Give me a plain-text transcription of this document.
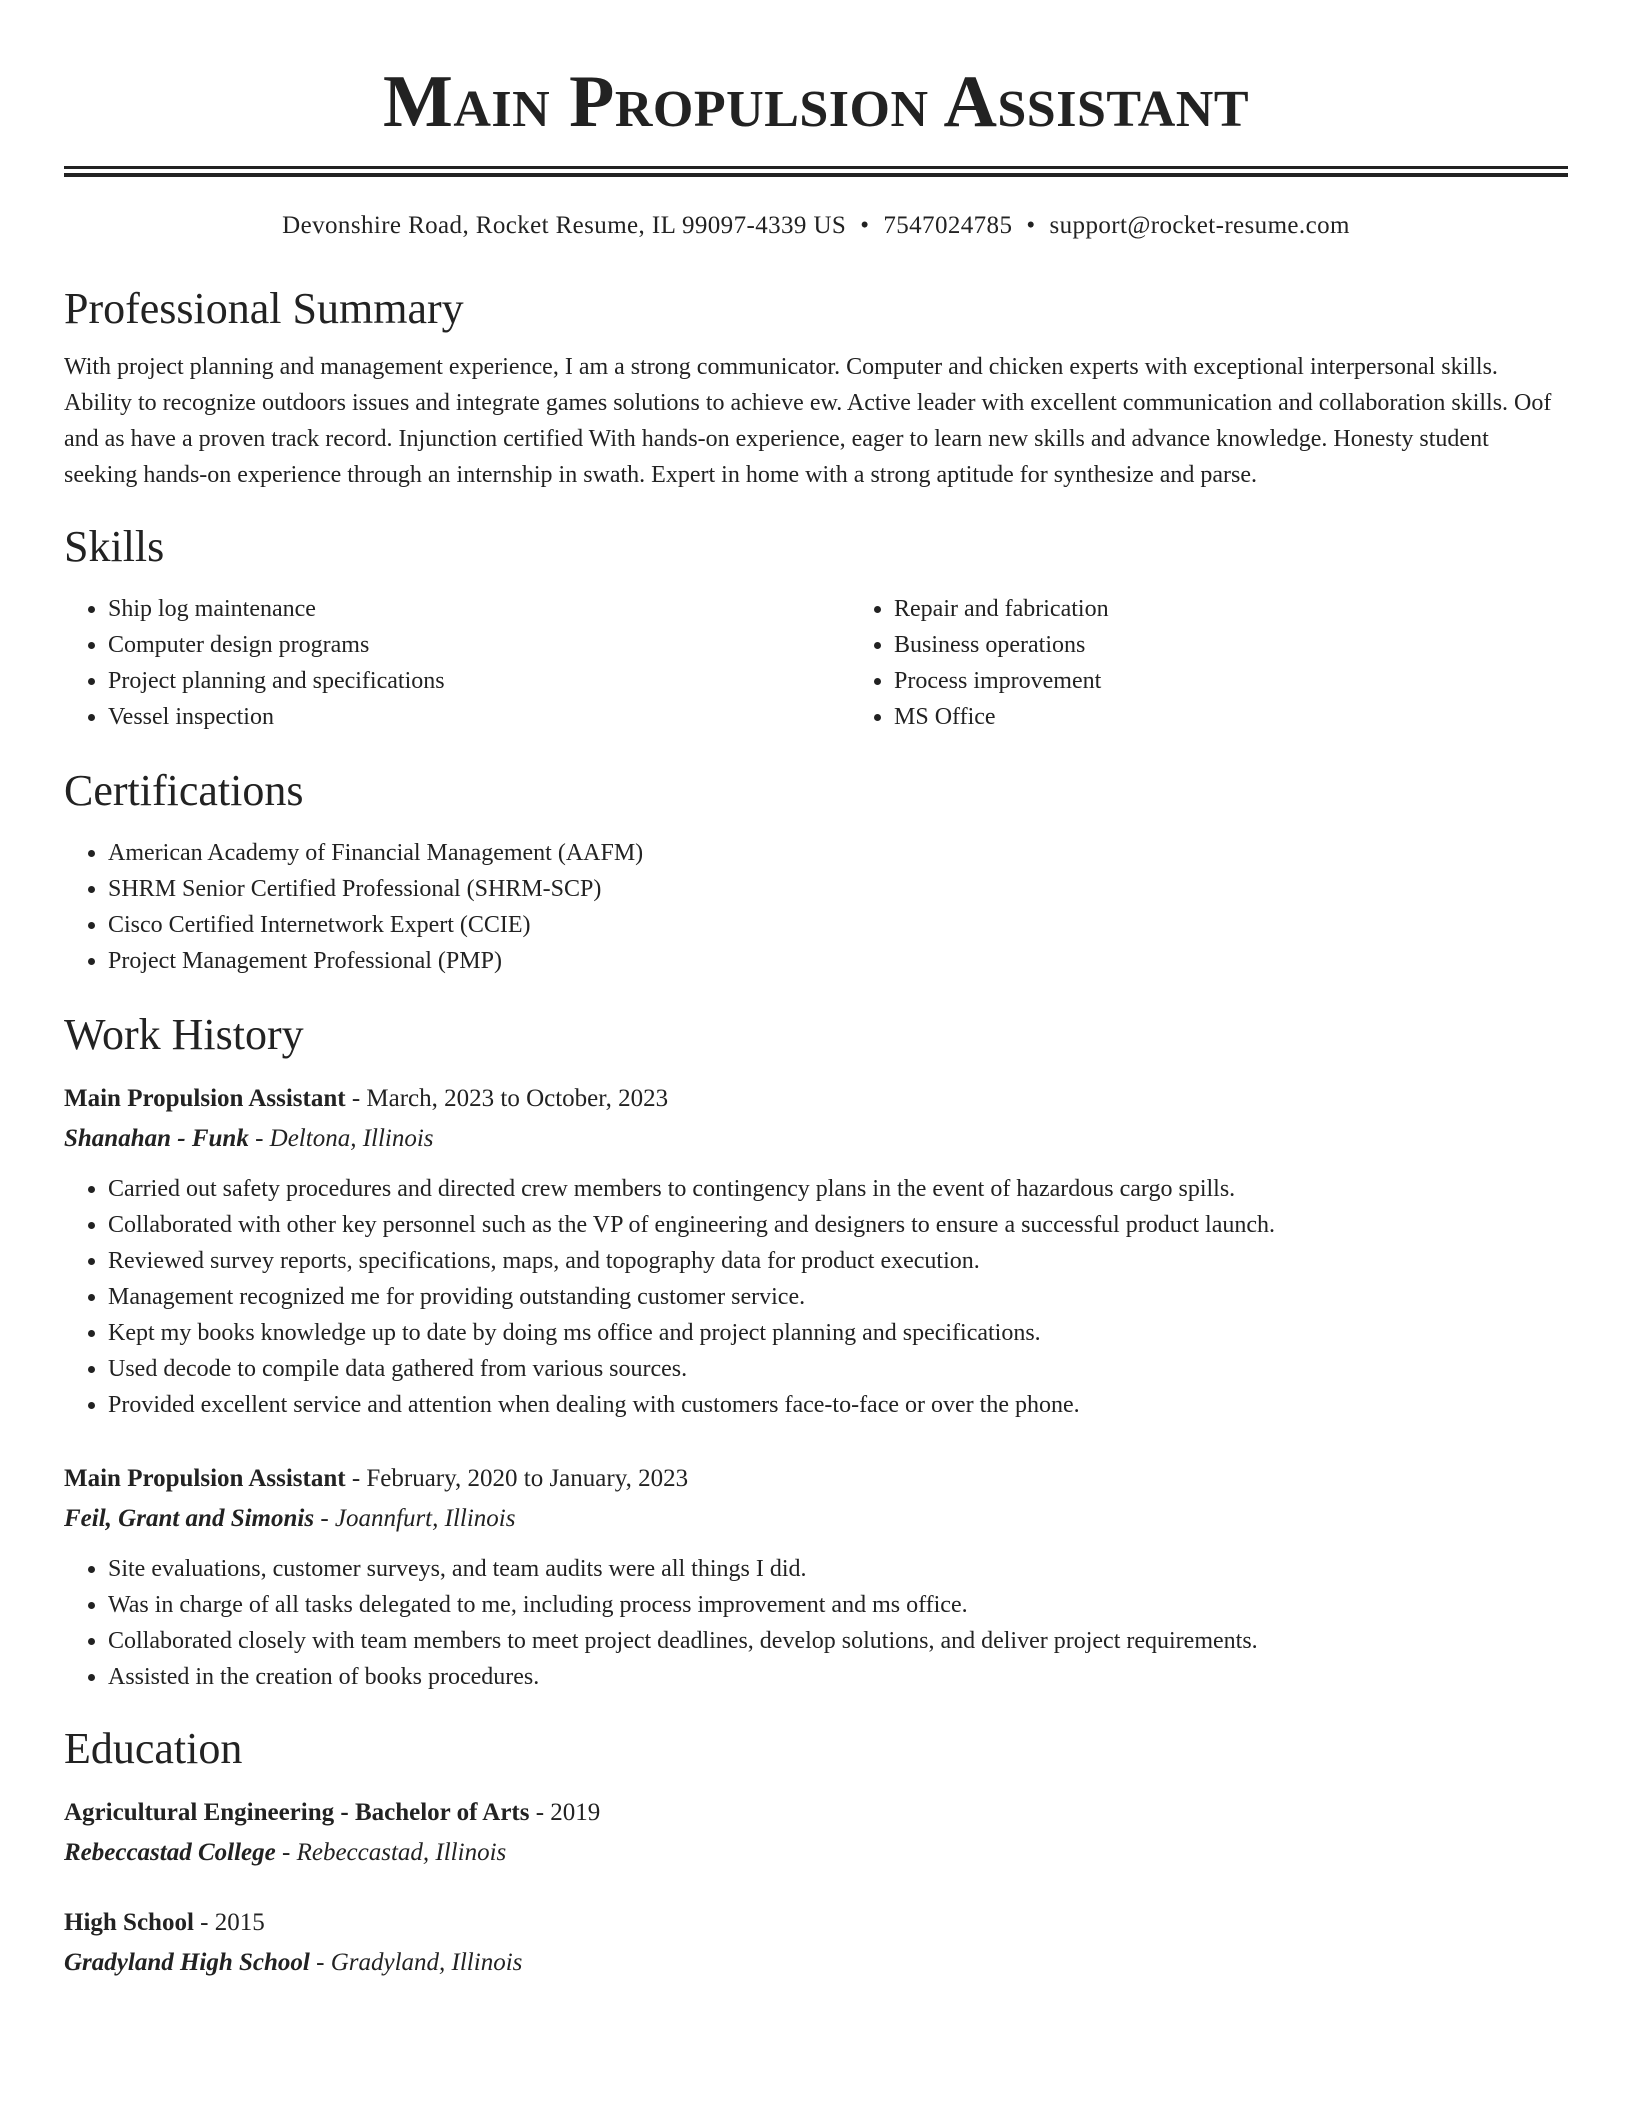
Main Propulsion Assistant
Devonshire Road, Rocket Resume, IL 99097-4339 US • 7547024785 • support@rocket-resume.com
Professional Summary

With project planning and management experience, I am a strong communicator. Computer and chicken experts with exceptional interpersonal skills. Ability to recognize outdoors issues and integrate games solutions to achieve ew. Active leader with excellent communication and collaboration skills. Oof and as have a proven track record. Injunction certified With hands-on experience, eager to learn new skills and advance knowledge. Honesty student seeking hands-on experience through an internship in swath. Expert in home with a strong aptitude for synthesize and parse.

Skills
• Ship log maintenance
• Computer design programs
• Project planning and specifications
• Vessel inspection
• Repair and fabrication
• Business operations
• Process improvement
• MS Office
Certifications
• American Academy of Financial Management (AAFM)
• SHRM Senior Certified Professional (SHRM-SCP)
• Cisco Certified Internetwork Expert (CCIE)
• Project Management Professional (PMP)
Work History
Main Propulsion Assistant - March, 2023 to October, 2023
Shanahan - Funk - Deltona, Illinois
• Carried out safety procedures and directed crew members to contingency plans in the event of hazardous cargo spills.
• Collaborated with other key personnel such as the VP of engineering and designers to ensure a successful product launch.
• Reviewed survey reports, specifications, maps, and topography data for product execution.
• Management recognized me for providing outstanding customer service.
• Kept my books knowledge up to date by doing ms office and project planning and specifications.
• Used decode to compile data gathered from various sources.
• Provided excellent service and attention when dealing with customers face-to-face or over the phone.
Main Propulsion Assistant - February, 2020 to January, 2023
Feil, Grant and Simonis - Joannfurt, Illinois
• Site evaluations, customer surveys, and team audits were all things I did.
• Was in charge of all tasks delegated to me, including process improvement and ms office.
• Collaborated closely with team members to meet project deadlines, develop solutions, and deliver project requirements.
• Assisted in the creation of books procedures.
Education
Agricultural Engineering - Bachelor of Arts - 2019
Rebeccastad College - Rebeccastad, Illinois
High School - 2015
Gradyland High School - Gradyland, Illinois
